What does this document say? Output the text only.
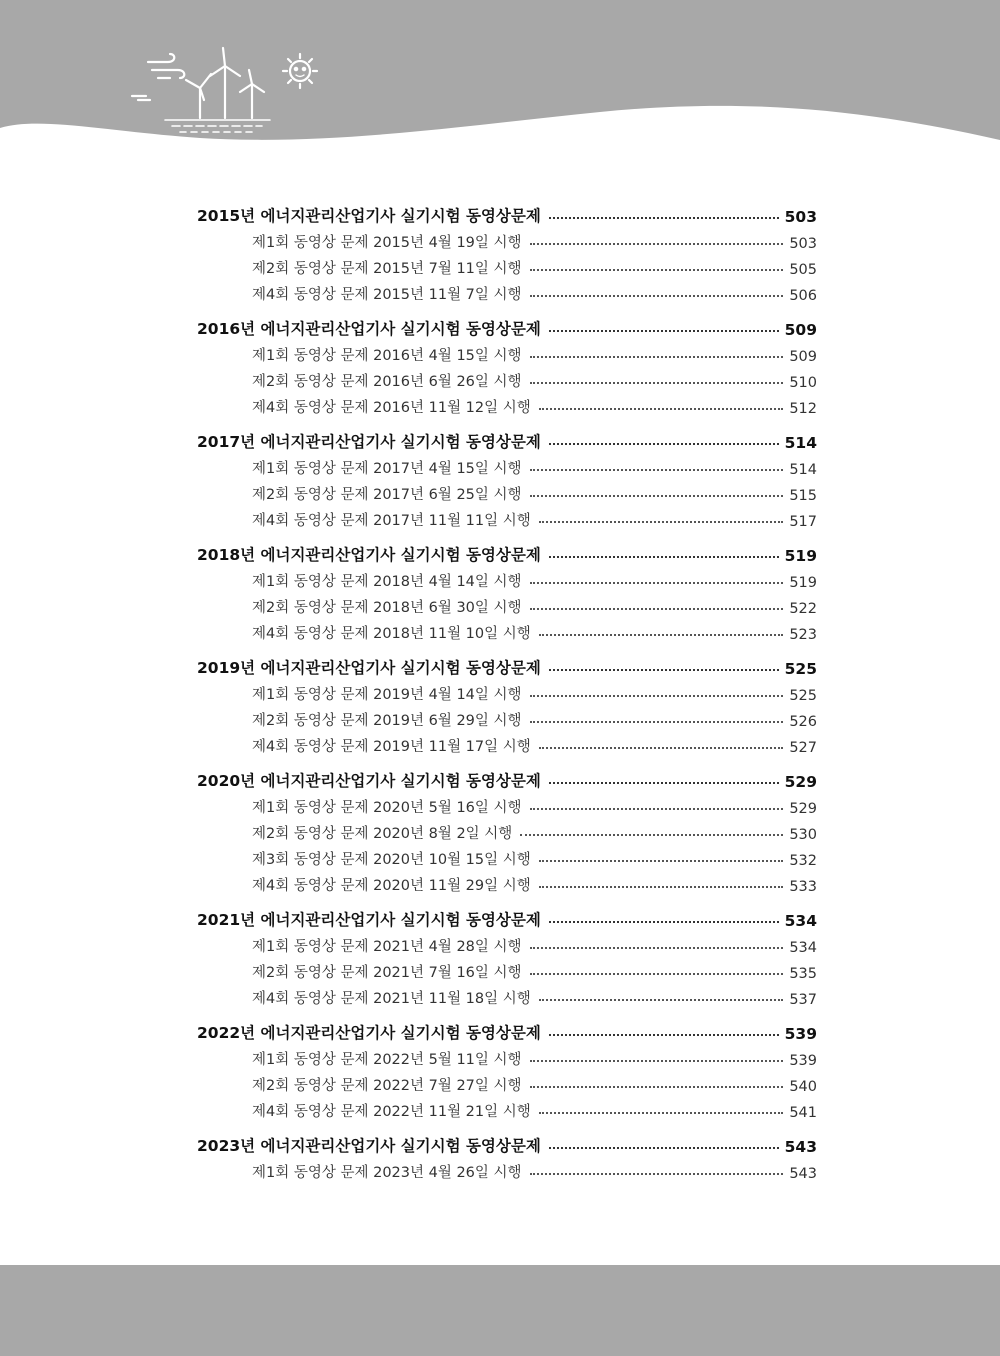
2015년 에너지관리산업기사 실기시험 동영상문제	503
제1회 동영상 문제 2015년 4월 19일 시행	503
제2회 동영상 문제 2015년 7월 11일 시행	505
제4회 동영상 문제 2015년 11월 7일 시행	506
2016년 에너지관리산업기사 실기시험 동영상문제	509
제1회 동영상 문제 2016년 4월 15일 시행	509
제2회 동영상 문제 2016년 6월 26일 시행	510
제4회 동영상 문제 2016년 11월 12일 시행	512
2017년 에너지관리산업기사 실기시험 동영상문제	514
제1회 동영상 문제 2017년 4월 15일 시행	514
제2회 동영상 문제 2017년 6월 25일 시행	515
제4회 동영상 문제 2017년 11월 11일 시행	517
2018년 에너지관리산업기사 실기시험 동영상문제	519
제1회 동영상 문제 2018년 4월 14일 시행	519
제2회 동영상 문제 2018년 6월 30일 시행	522
제4회 동영상 문제 2018년 11월 10일 시행	523
2019년 에너지관리산업기사 실기시험 동영상문제	525
제1회 동영상 문제 2019년 4월 14일 시행	525
제2회 동영상 문제 2019년 6월 29일 시행	526
제4회 동영상 문제 2019년 11월 17일 시행	527
2020년 에너지관리산업기사 실기시험 동영상문제	529
제1회 동영상 문제 2020년 5월 16일 시행	529
제2회 동영상 문제 2020년 8월 2일 시행	530
제3회 동영상 문제 2020년 10월 15일 시행	532
제4회 동영상 문제 2020년 11월 29일 시행	533
2021년 에너지관리산업기사 실기시험 동영상문제	534
제1회 동영상 문제 2021년 4월 28일 시행	534
제2회 동영상 문제 2021년 7월 16일 시행	535
제4회 동영상 문제 2021년 11월 18일 시행	537
2022년 에너지관리산업기사 실기시험 동영상문제	539
제1회 동영상 문제 2022년 5월 11일 시행	539
제2회 동영상 문제 2022년 7월 27일 시행	540
제4회 동영상 문제 2022년 11월 21일 시행	541
2023년 에너지관리산업기사 실기시험 동영상문제	543
제1회 동영상 문제 2023년 4월 26일 시행	543
